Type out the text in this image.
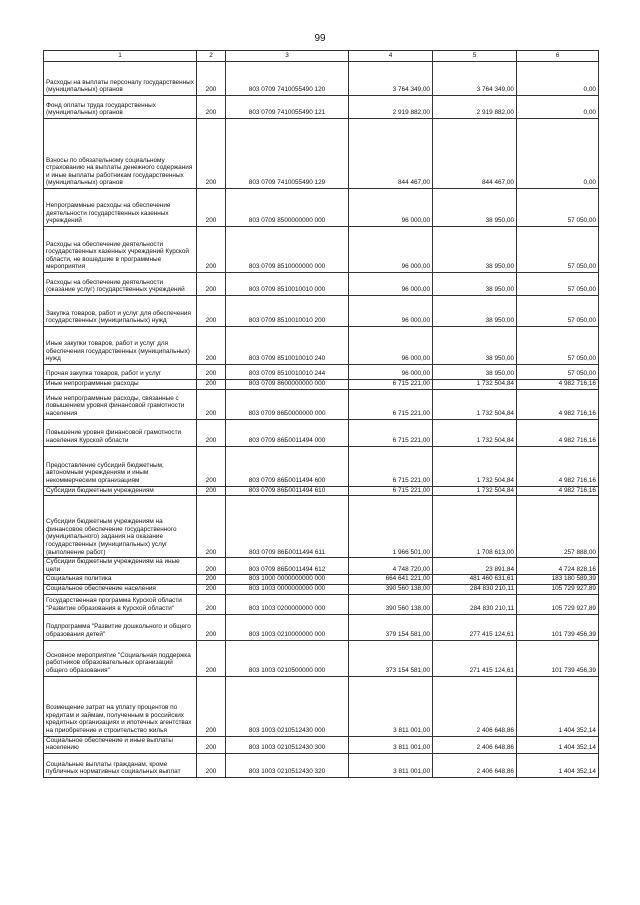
99
1	2	3	4	5	6
Расходы на выплаты персоналу государственных (муниципальных) органов	200	803 0709 7410055490 120	3 764 349,00	3 764 349,00	0,00
Фонд оплаты труда государственных (муниципальных) органов	200	803 0709 7410055490 121	2 919 882,00	2 919 882,00	0,00
Взносы по обязательному социальному страхованию на выплаты денежного содержания и иные выплаты работникам государственных (муниципальных) органов	200	803 0709 7410055490 129	844 467,00	844 467,00	0,00
Непрограммные расходы на обеспечение деятельности государственных казенных учреждений	200	803 0709 8500000000 000	96 000,00	38 950,00	57 050,00
Расходы на обеспечение деятельности государственных казенных учреждений Курской области, не вошедшие в программные мероприятия	200	803 0709 8510000000 000	96 000,00	38 950,00	57 050,00
Расходы на обеспечение деятельности (оказание услуг) государственных учреждений	200	803 0709 8510010010 000	96 000,00	38 950,00	57 050,00
Закупка товаров, работ и услуг для обеспечения государственных (муниципальных) нужд	200	803 0709 8510010010 200	96 000,00	38 950,00	57 050,00
Иные закупки товаров, работ и услуг для обеспечения государственных (муниципальных) нужд	200	803 0709 8510010010 240	96 000,00	38 950,00	57 050,00
Прочая закупка товаров, работ и услуг	200	803 0709 8510010010 244	96 000,00	38 950,00	57 050,00
Иные непрограммные расходы	200	803 0709 8600000000 000	6 715 221,00	1 732 504,84	4 982 716,16
Иные непрограммные расходы, связанные с повышением уровня финансовой грамотности населения	200	803 0709 86Б0000000 000	6 715 221,00	1 732 504,84	4 982 716,16
Повышение уровня финансовой грамотности населения Курской области	200	803 0709 86Б0011494 000	6 715 221,00	1 732 504,84	4 982 716,16
Предоставление субсидий бюджетным, автономным учреждениям и иным некоммерческим организациям	200	803 0709 86Б0011494 600	6 715 221,00	1 732 504,84	4 982 716,16
Субсидии бюджетным учреждениям	200	803 0709 86Б0011494 610	6 715 221,00	1 732 504,84	4 982 716,16
Субсидии бюджетным учреждениям на финансовое обеспечение государственного (муниципального) задания на оказание государственных (муниципальных) услуг (выполнение работ)	200	803 0709 86Б0011494 611	1 966 501,00	1 708 613,00	257 888,00
Субсидии бюджетным учреждениям на иные цели	200	803 0709 86Б0011494 612	4 748 720,00	23 891,84	4 724 828,16
Социальная политика	200	803 1000 0000000000 000	664 641 221,00	481 460 631,61	183 180 589,39
Социальное обеспечение населения	200	803 1003 0000000000 000	390 560 138,00	284 830 210,11	105 729 927,89
Государственная программа Курской области "Развитие образования в Курской области"	200	803 1003 0200000000 000	390 560 138,00	284 830 210,11	105 729 927,89
Подпрограмма "Развитие дошкольного и общего образования детей"	200	803 1003 0210000000 000	379 154 581,00	277 415 124,61	101 739 456,39
Основное мероприятие "Социальная поддержка работников образовательных организаций общего образования"	200	803 1003 0210500000 000	373 154 581,00	271 415 124,61	101 739 456,39
Возмещение затрат на уплату процентов по кредитам и займам, полученным в российских кредитных организациях и ипотечных агентствах на приобретение и строительство жилья	200	803 1003 0210512430 000	3 811 001,00	2 406 648,86	1 404 352,14
Социальное обеспечение и иные выплаты населению	200	803 1003 0210512430 300	3 811 001,00	2 406 648,86	1 404 352,14
Социальные выплаты гражданам, кроме публичных нормативных социальных выплат	200	803 1003 0210512430 320	3 811 001,00	2 406 648,86	1 404 352,14
